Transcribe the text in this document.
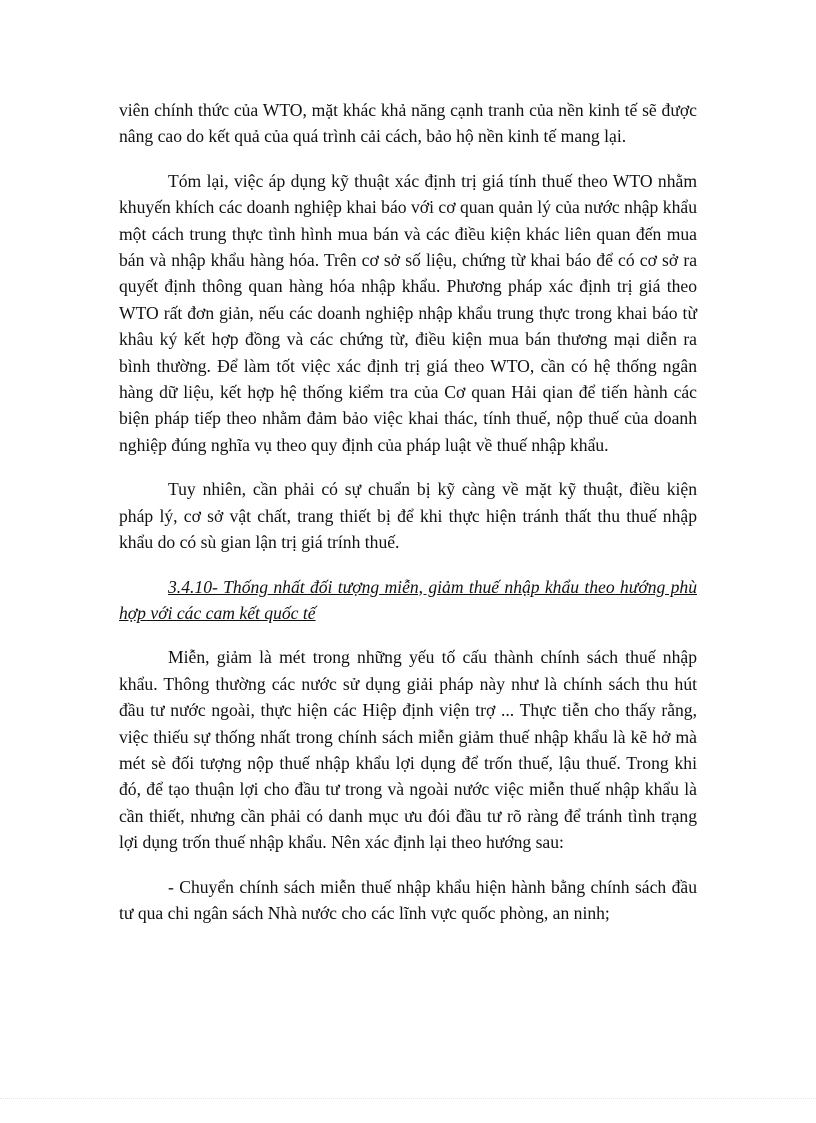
viên chính thức của WTO, mặt khác khả năng cạnh tranh của nền kinh tế sẽ được nâng cao do kết quả của quá trình cải cách, bảo hộ nền kinh tế mang lại.

Tóm lại, việc áp dụng kỹ thuật xác định trị giá tính thuế theo WTO nhằm khuyến khích các doanh nghiệp khai báo với cơ quan quản lý của nước nhập khẩu một cách trung thực tình hình mua bán và các điều kiện khác liên quan đến mua bán và nhập khẩu hàng hóa. Trên cơ sở số liệu, chứng từ khai báo để có cơ sở ra quyết định thông quan hàng hóa nhập khẩu. Phương pháp xác định trị giá theo WTO rất đơn giản, nếu các doanh nghiệp nhập khẩu trung thực trong khai báo từ khâu ký kết hợp đồng và các chứng từ, điều kiện mua bán thương mại diễn ra bình thường. Để làm tốt việc xác định trị giá theo WTO, cần có hệ thống ngân hàng dữ liệu, kết hợp hệ thống kiểm tra của Cơ quan Hải qian để tiến hành các biện pháp tiếp theo nhằm đảm bảo việc khai thác, tính thuế, nộp thuế của doanh nghiệp đúng nghĩa vụ theo quy định của pháp luật về thuế nhập khẩu.

Tuy nhiên, cần phải có sự chuẩn bị kỹ càng về mặt kỹ thuật, điều kiện pháp lý, cơ sở vật chất, trang thiết bị để khi thực hiện tránh thất thu thuế nhập khẩu do có sù gian lận trị giá trính thuế.

3.4.10- Thống nhất đối tượng miễn, giảm thuế nhập khẩu theo hướng phù hợp với các cam kết quốc tế

Miễn, giảm là mét trong những yếu tố cấu thành chính sách thuế nhập khẩu. Thông thường các nước sử dụng giải pháp này như là chính sách thu hút đầu tư nước ngoài, thực hiện các Hiệp định viện trợ ... Thực tiễn cho thấy rằng, việc thiếu sự thống nhất trong chính sách miễn giảm thuế nhập khẩu là kẽ hở mà mét sè đối tượng nộp thuế nhập khẩu lợi dụng để trốn thuế, lậu thuế. Trong khi đó, để tạo thuận lợi cho đầu tư trong và ngoài nước việc miễn thuế nhập khẩu là cần thiết, nhưng cần phải có danh mục ưu đói đầu tư rõ ràng để tránh tình trạng lợi dụng trốn thuế nhập khẩu. Nên xác định lại theo hướng sau:

- Chuyển chính sách miễn thuế nhập khẩu hiện hành bằng chính sách đầu tư qua chi ngân sách Nhà nước cho các lĩnh vực quốc phòng, an ninh;
